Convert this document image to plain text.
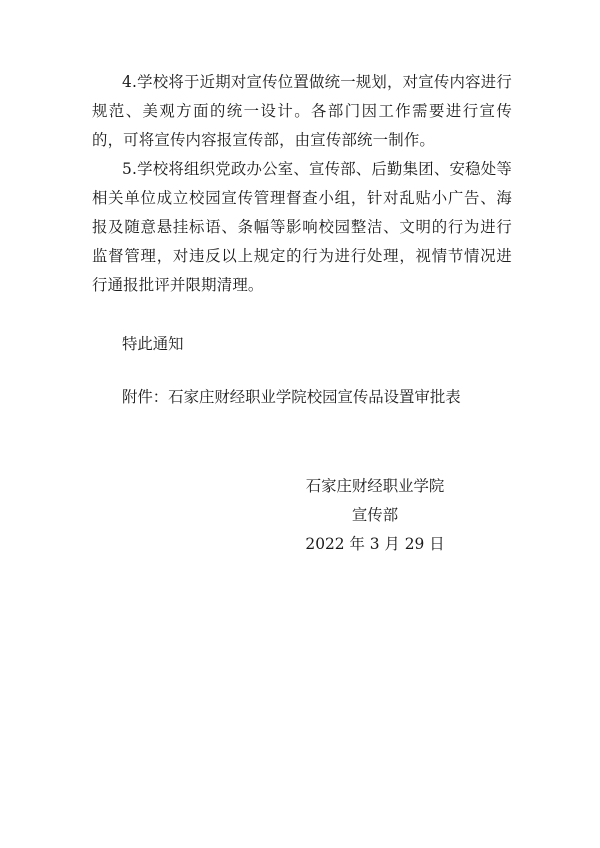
4.学校将于近期对宣传位置做统一规划，对宣传内容进行规范、美观方面的统一设计。各部门因工作需要进行宣传的，可将宣传内容报宣传部，由宣传部统一制作。

5.学校将组织党政办公室、宣传部、后勤集团、安稳处等相关单位成立校园宣传管理督查小组，针对乱贴小广告、海报及随意悬挂标语、条幅等影响校园整洁、文明的行为进行监督管理，对违反以上规定的行为进行处理，视情节情况进行通报批评并限期清理。

特此通知

附件：石家庄财经职业学院校园宣传品设置审批表

石家庄财经职业学院
宣传部
2022 年 3 月 29 日
